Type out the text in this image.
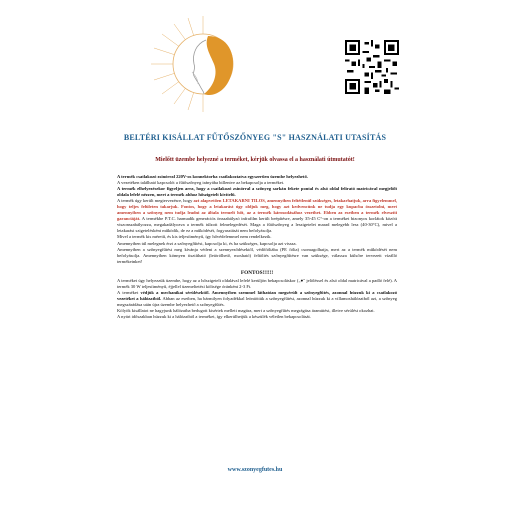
BELTÉRI KISÁLLAT FŰTŐSZŐNYEG "S" HASZNÁLATI UTASÍTÁS
Mielőtt üzembe helyezné a terméket, kérjük olvassa el a használati útmutatót!

A termék csatlakozó zsinórral 220V-os konnektorba csatlakoztatva egyszerűen üzembe helyezhető.

A vezetéken található kapcsolót a fűtőszőnyeg irányába billentve az bekapcsolja a terméket.

A termék elhelyezésekor figyeljen arra, hogy a csatlakozó zsinórral a szőnyeg sarkán fekete pontal és alsó oldal felirató matricával megjelölt oldala lefelé nézzen, mert a termék ahhoz hőszigetelt kivitelű.

A termék úgy került megtervezésre, hogy azt alapvetően LETAKARNI TILOS, amennyiben feltétlenül szükséges, letakarhatjuk, arra figyelemmel, hogy teljes felületen takarjuk. Fontos, hogy a letakarást úgy oldjuk meg, hogy azt kedvencünk ne tudja egy kupacba összetolni, mert amennyiben a szőnyeg nem tudja leadni az általa termelt hőt, az a termék károsodásához vezethet. Ebben az esetben a termék elveszíti garanciáját. A termékbe P.T.C. harmadik generációs önszabályzó infrafilm került beépítésre, amely 35-45 C°-on a terméket bizonyos korlátok között viszonszabályozza, megakadályozva a termék túlzott felmelegedését. Maga a fűtőszőnyeg a leszigetelet marad melegebb lesz (40-30°C), mivel a letakarási szigetelésként működik, de ez a működését, fogyasztását nem befolyásolja.

Mivel a termék kis méretű, és kis teljesítményű, így hővédelemmel nem rendelkezik.

Amennyiben túl melegnek érzi a szőnyegfűtést, kapcsolja ki, és ha szükséges, kapcsolja azt vissza.

Amennyiben a szőnyegfűtést meg kívánja védeni a szennyeződésektől, védőfóliába (PE fólia) csomagolhatja, mert az a termék működését nem befolyásolja. Amennyiben könnyen tisztítható (letörölhető, mosható) feltöltés szőnyegfűtésre van szüksége, válassza külsőre tervezett vízálló termékeinket!

FONTOS!!!!!!

A terméket úgy helyezzük üzembe, hogy az a hőszigetelt oldalával lefelé kerüljön bekapcsoláskor („●" jelöléssel és alsó oldal matricával a padló felé). A termék 30 W teljesítményű, éjjellel üzemeltetési költsége óránként 2-3 Ft.

A terméket védjük a mechanikai sérülésektől. Amennyiben szemmel láthatóan megsérült a szőnyegfűtés, azonnal húzzuk ki a csatlakozó vezetéket a hálózatból. Abban az esetben, ha bármilyen folyadékkal leöntöttük a szőnyegfűtést, azonnal húzzuk ki a villamoshálózatból azt, a szőnyeg megszárádása után újra üzembe helyezhető a szőnyegfűtés.

Kölyök kisállatot ne hagyjunk hálózatba bedugott kisértek mellett magára, mert a szőnyegfűtés megrágása áramütést, illetve sérülést okozhat.

A nyári időszakban húzzuk ki a hálózatból a terméket, így elkerülhetjük a készülék véletlen bekapcsolását.

www.szonyegfutes.hu
